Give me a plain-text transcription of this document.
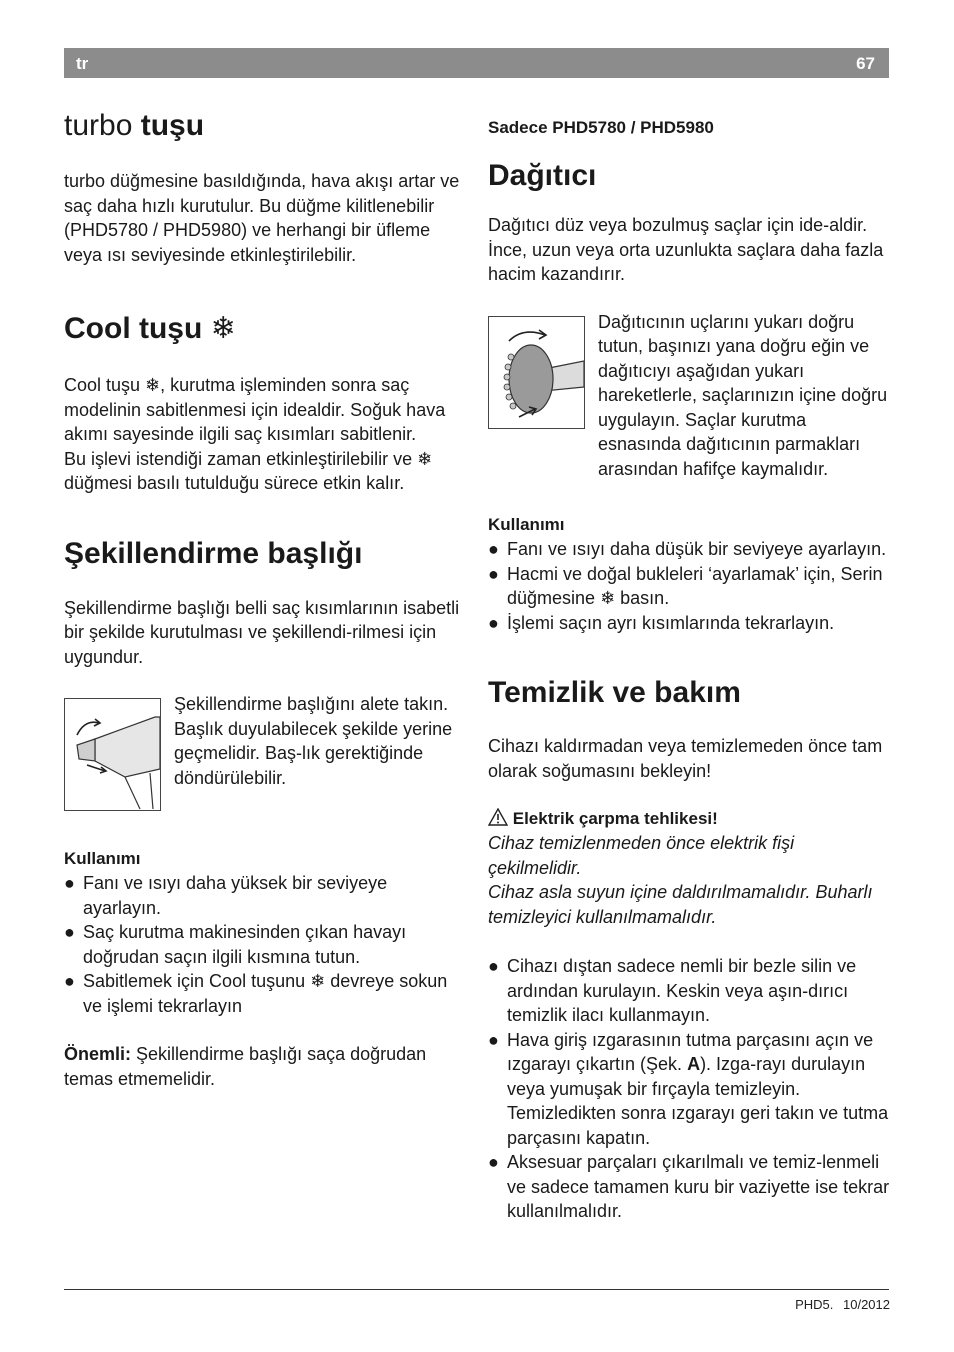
tr	67
turbo tuşu

turbo düğmesine basıldığında, hava akışı artar ve saç daha hızlı kurutulur. Bu düğme kilitlenebilir (PHD5780 / PHD5980) ve herhangi bir üfleme veya ısı seviyesinde etkinleştirilebilir.

Cool tuşu ❄

Cool tuşu ❄, kurutma işleminden sonra saç modelinin sabitlenmesi için idealdir. Soğuk hava akımı sayesinde ilgili saç kısımları sabitlenir.

Bu işlevi istendiği zaman etkinleştirilebilir ve ❄ düğmesi basılı tutulduğu sürece etkin kalır.

Şekillendirme başlığı

Şekillendirme başlığı belli saç kısımlarının isabetli bir şekilde kurutulması ve şekillendi-rilmesi için uygundur.

Şekillendirme başlığını alete takın. Başlık duyulabilecek şekilde yerine geçmelidir. Baş-lık gerektiğinde döndürülebilir.

Kullanımı

● Fanı ve ısıyı daha yüksek bir seviyeye ayarlayın.
● Saç kurutma makinesinden çıkan havayı doğrudan saçın ilgili kısmına tutun.
● Sabitlemek için Cool tuşunu ❄ devreye sokun ve işlemi tekrarlayın

Önemli: Şekillendirme başlığı saça doğrudan temas etmemelidir.

Sadece PHD5780 / PHD5980

Dağıtıcı

Dağıtıcı düz veya bozulmuş saçlar için ide-aldir. İnce, uzun veya orta uzunlukta saçlara daha fazla hacim kazandırır.

Dağıtıcının uçlarını yukarı doğru tutun, başınızı yana doğru eğin ve dağıtıcıyı aşağıdan yukarı hareketlerle, saçlarınızın içine doğru uygulayın. Saçlar kurutma esnasında dağıtıcının parmakları arasından hafifçe kaymalıdır.

Kullanımı

● Fanı ve ısıyı daha düşük bir seviyeye ayarlayın.
● Hacmi ve doğal bukleleri ‘ayarlamak’ için, Serin düğmesine ❄ basın.
● İşlemi saçın ayrı kısımlarında tekrarlayın.
Temizlik ve bakım

Cihazı kaldırmadan veya temizlemeden önce tam olarak soğumasını bekleyin!

Elektrik çarpma tehlikesi!

Cihaz temizlenmeden önce elektrik fişi çekilmelidir.

Cihaz asla suyun içine daldırılmamalıdır. Buharlı temizleyici kullanılmamalıdır.

● Cihazı dıştan sadece nemli bir bezle silin ve ardından kurulayın. Keskin veya aşın-dırıcı temizlik ilacı kullanmayın.
● Hava giriş ızgarasının tutma parçasını açın ve ızgarayı çıkartın (Şek. A). Izga-rayı durulayın veya yumuşak bir fırçayla temizleyin. Temizledikten sonra ızgarayı geri takın ve tutma parçasını kapatın.
● Aksesuar parçaları çıkarılmalı ve temiz-lenmeli ve sadece tamamen kuru bir vaziyette ise tekrar kullanılmalıdır.
PHD5. 10/2012
